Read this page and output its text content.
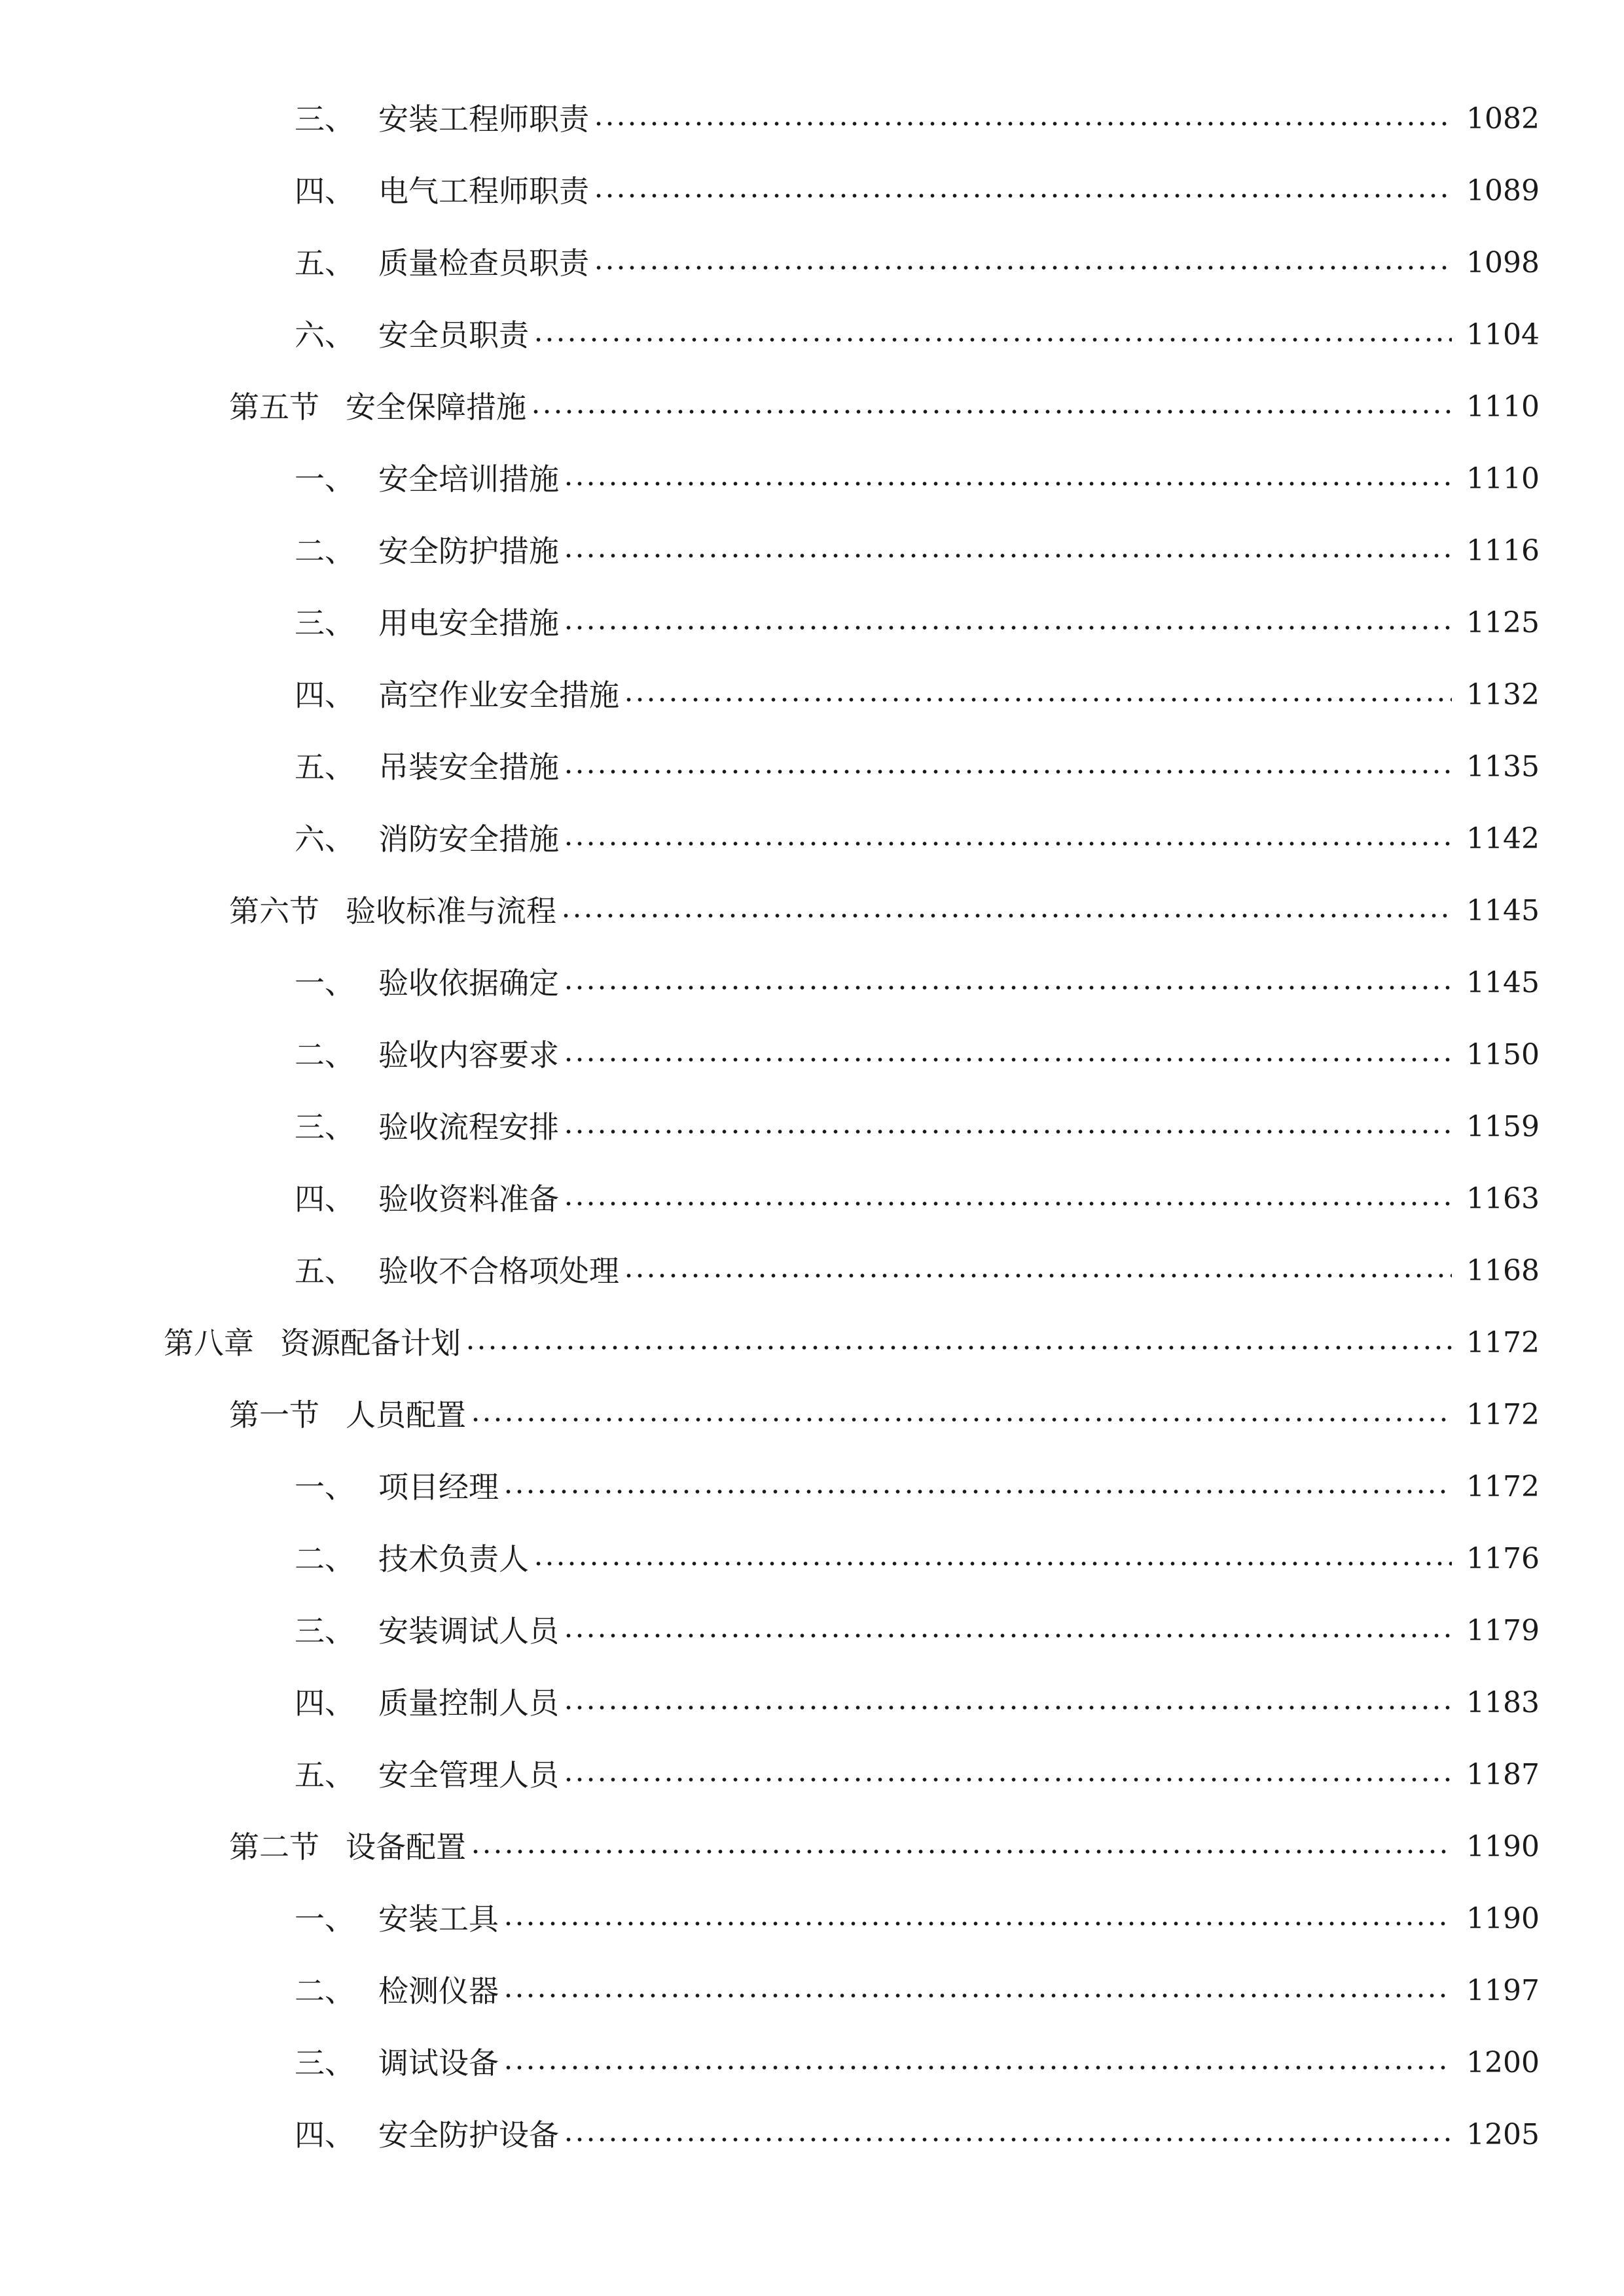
三、 安装工程师职责	1082
四、 电气工程师职责	1089
五、 质量检查员职责	1098
六、 安全员职责	1104
第五节 安全保障措施	1110
一、 安全培训措施	1110
二、 安全防护措施	1116
三、 用电安全措施	1125
四、 高空作业安全措施	1132
五、 吊装安全措施	1135
六、 消防安全措施	1142
第六节 验收标准与流程	1145
一、 验收依据确定	1145
二、 验收内容要求	1150
三、 验收流程安排	1159
四、 验收资料准备	1163
五、 验收不合格项处理	1168
第八章 资源配备计划	1172
第一节 人员配置	1172
一、 项目经理	1172
二、 技术负责人	1176
三、 安装调试人员	1179
四、 质量控制人员	1183
五、 安全管理人员	1187
第二节 设备配置	1190
一、 安装工具	1190
二、 检测仪器	1197
三、 调试设备	1200
四、 安全防护设备	1205
